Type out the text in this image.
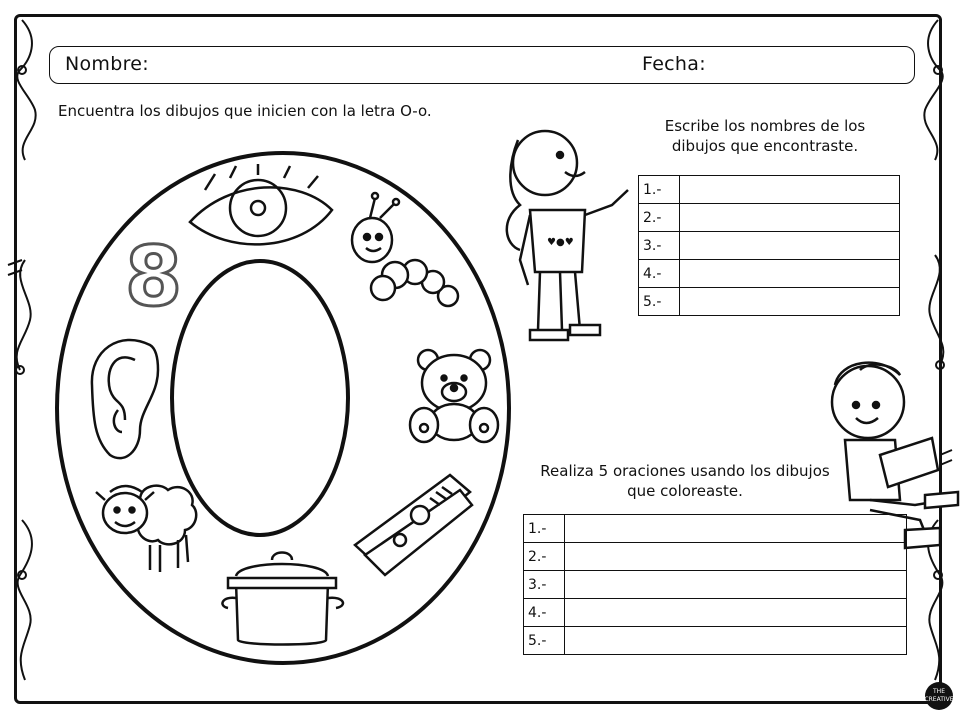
8	♥●♥
Nombre:	Fecha:
Encuentra los dibujos que inicien con la letra O-o.
Escribe los nombres de los dibujos que encontraste.
1.-	
2.-	
3.-	
4.-	
5.-	
Realiza 5 oraciones usando los dibujos que coloreaste.
1.-	
2.-	
3.-	
4.-	
5.-	
THE CREATIVE
